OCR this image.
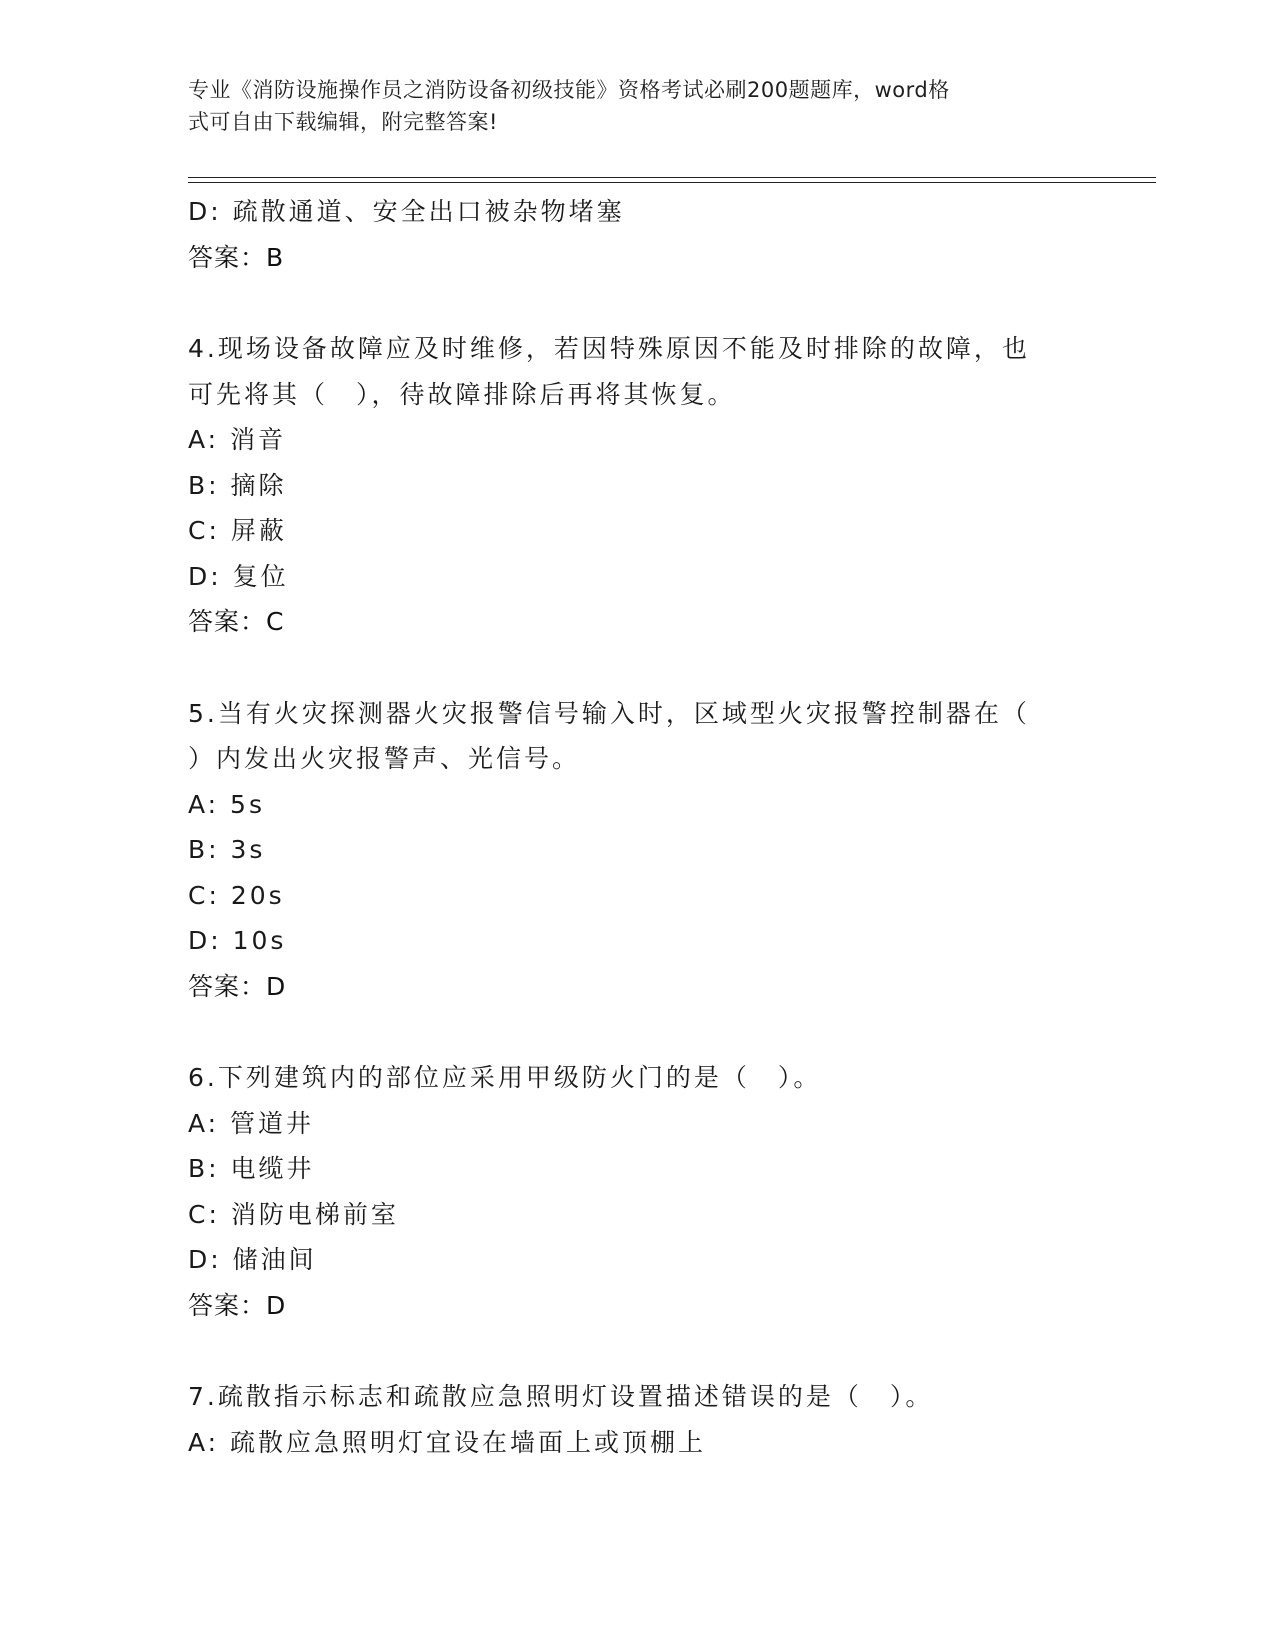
专业《消防设施操作员之消防设备初级技能》资格考试必刷200题题库，word格
式可自由下载编辑，附完整答案!
D: 疏散通道、安全出口被杂物堵塞
答案：B
4.现场设备故障应及时维修，若因特殊原因不能及时排除的故障，也
可先将其（　），待故障排除后再将其恢复。
A: 消音
B: 摘除
C: 屏蔽
D: 复位
答案：C
5.当有火灾探测器火灾报警信号输入时，区域型火灾报警控制器在（
）内发出火灾报警声、光信号。
A: 5s
B: 3s
C: 20s
D: 10s
答案：D
6.下列建筑内的部位应采用甲级防火门的是（　）。
A: 管道井
B: 电缆井
C: 消防电梯前室
D: 储油间
答案：D
7.疏散指示标志和疏散应急照明灯设置描述错误的是（　）。
A: 疏散应急照明灯宜设在墙面上或顶棚上
